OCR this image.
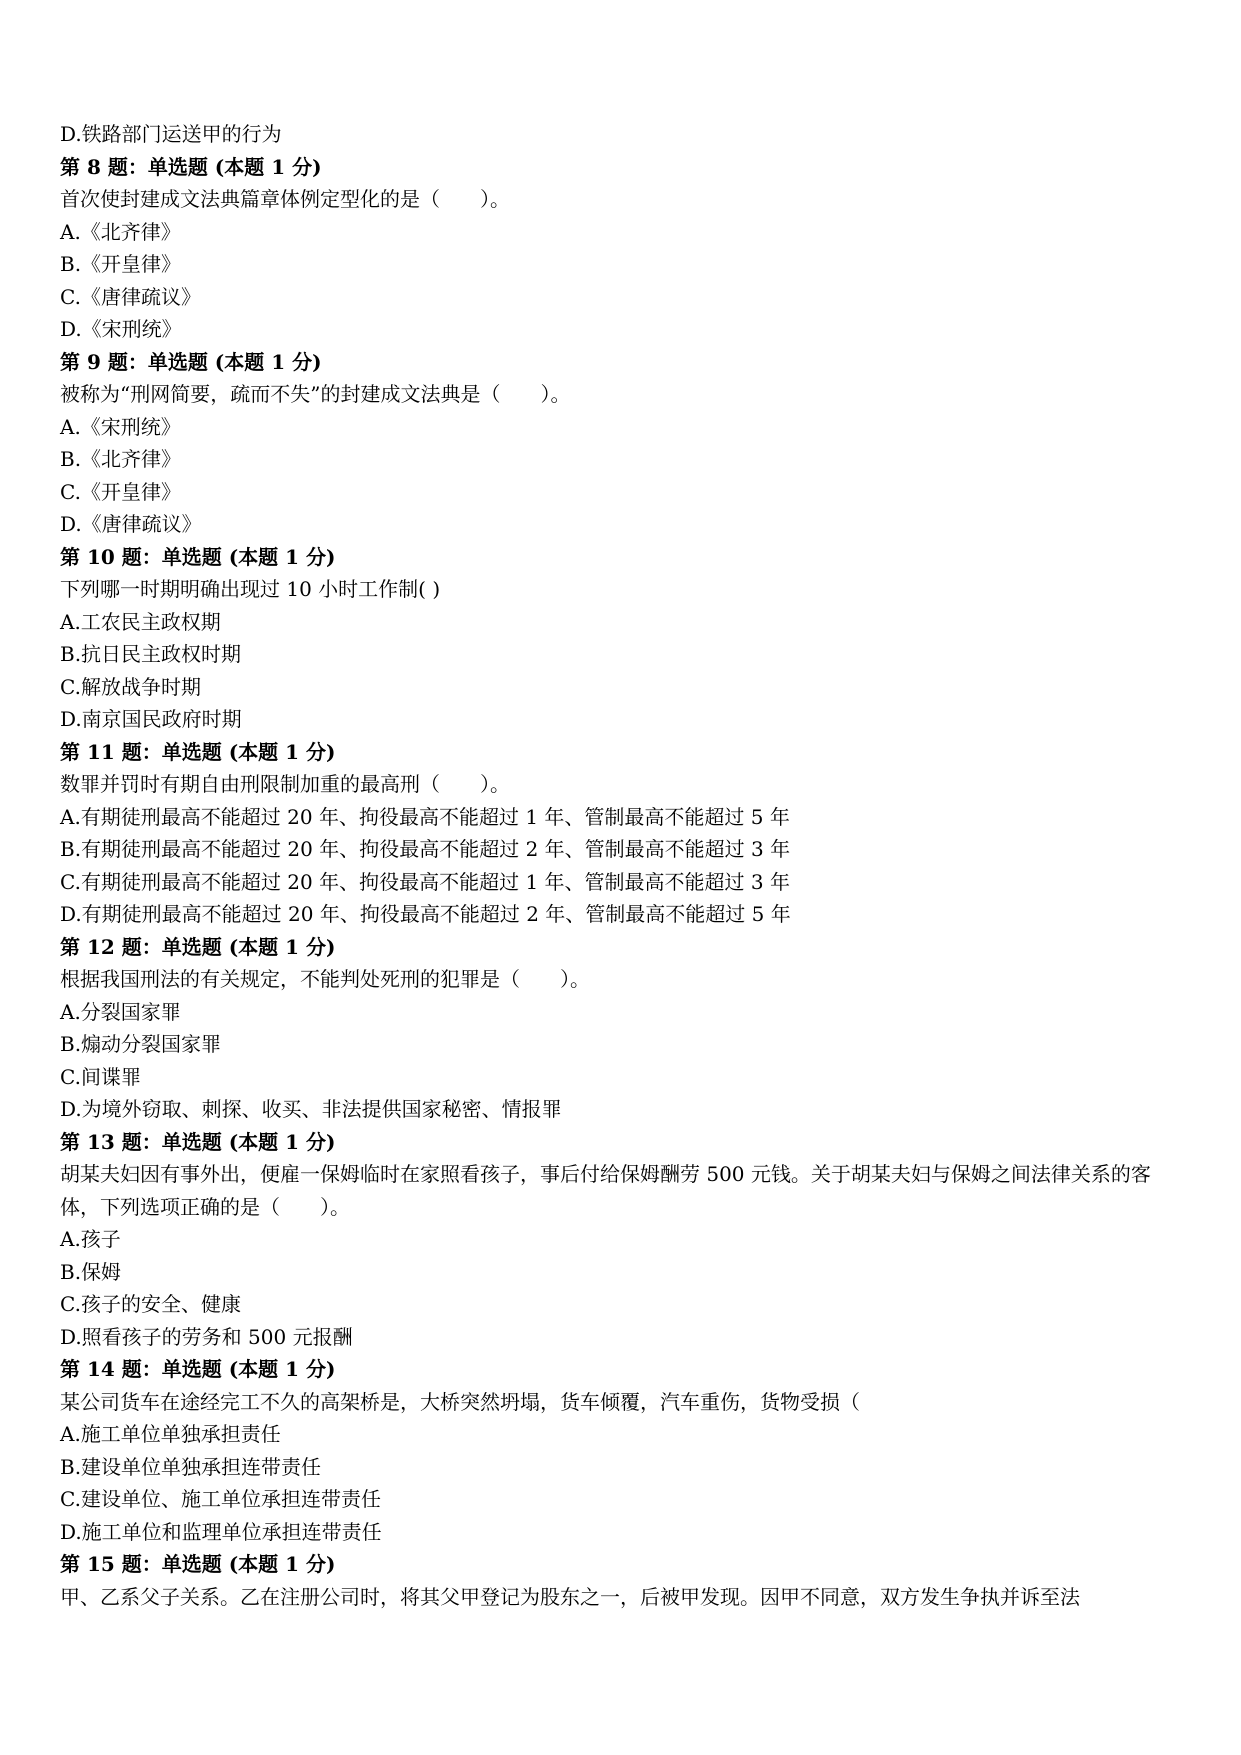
D.铁路部门运送甲的行为
第 8 题：单选题 (本题 1 分)
首次使封建成文法典篇章体例定型化的是（　　）。
A.《北齐律》
B.《开皇律》
C.《唐律疏议》
D.《宋刑统》
第 9 题：单选题 (本题 1 分)
被称为“刑网简要，疏而不失”的封建成文法典是（　　）。
A.《宋刑统》
B.《北齐律》
C.《开皇律》
D.《唐律疏议》
第 10 题：单选题 (本题 1 分)
下列哪一时期明确出现过 10 小时工作制( )
A.工农民主政权期
B.抗日民主政权时期
C.解放战争时期
D.南京国民政府时期
第 11 题：单选题 (本题 1 分)
数罪并罚时有期自由刑限制加重的最高刑（　　）。
A.有期徒刑最高不能超过 20 年、拘役最高不能超过 1 年、管制最高不能超过 5 年
B.有期徒刑最高不能超过 20 年、拘役最高不能超过 2 年、管制最高不能超过 3 年
C.有期徒刑最高不能超过 20 年、拘役最高不能超过 1 年、管制最高不能超过 3 年
D.有期徒刑最高不能超过 20 年、拘役最高不能超过 2 年、管制最高不能超过 5 年
第 12 题：单选题 (本题 1 分)
根据我国刑法的有关规定，不能判处死刑的犯罪是（　　）。
A.分裂国家罪
B.煽动分裂国家罪
C.间谍罪
D.为境外窃取、刺探、收买、非法提供国家秘密、情报罪
第 13 题：单选题 (本题 1 分)
胡某夫妇因有事外出，便雇一保姆临时在家照看孩子，事后付给保姆酬劳 500 元钱。关于胡某夫妇与保姆之间法律关系的客体，下列选项正确的是（　　）。
A.孩子
B.保姆
C.孩子的安全、健康
D.照看孩子的劳务和 500 元报酬
第 14 题：单选题 (本题 1 分)
某公司货车在途经完工不久的高架桥是，大桥突然坍塌，货车倾覆，汽车重伤，货物受损（
A.施工单位单独承担责任
B.建设单位单独承担连带责任
C.建设单位、施工单位承担连带责任
D.施工单位和监理单位承担连带责任
第 15 题：单选题 (本题 1 分)
甲、乙系父子关系。乙在注册公司时，将其父甲登记为股东之一，后被甲发现。因甲不同意，双方发生争执并诉至法
